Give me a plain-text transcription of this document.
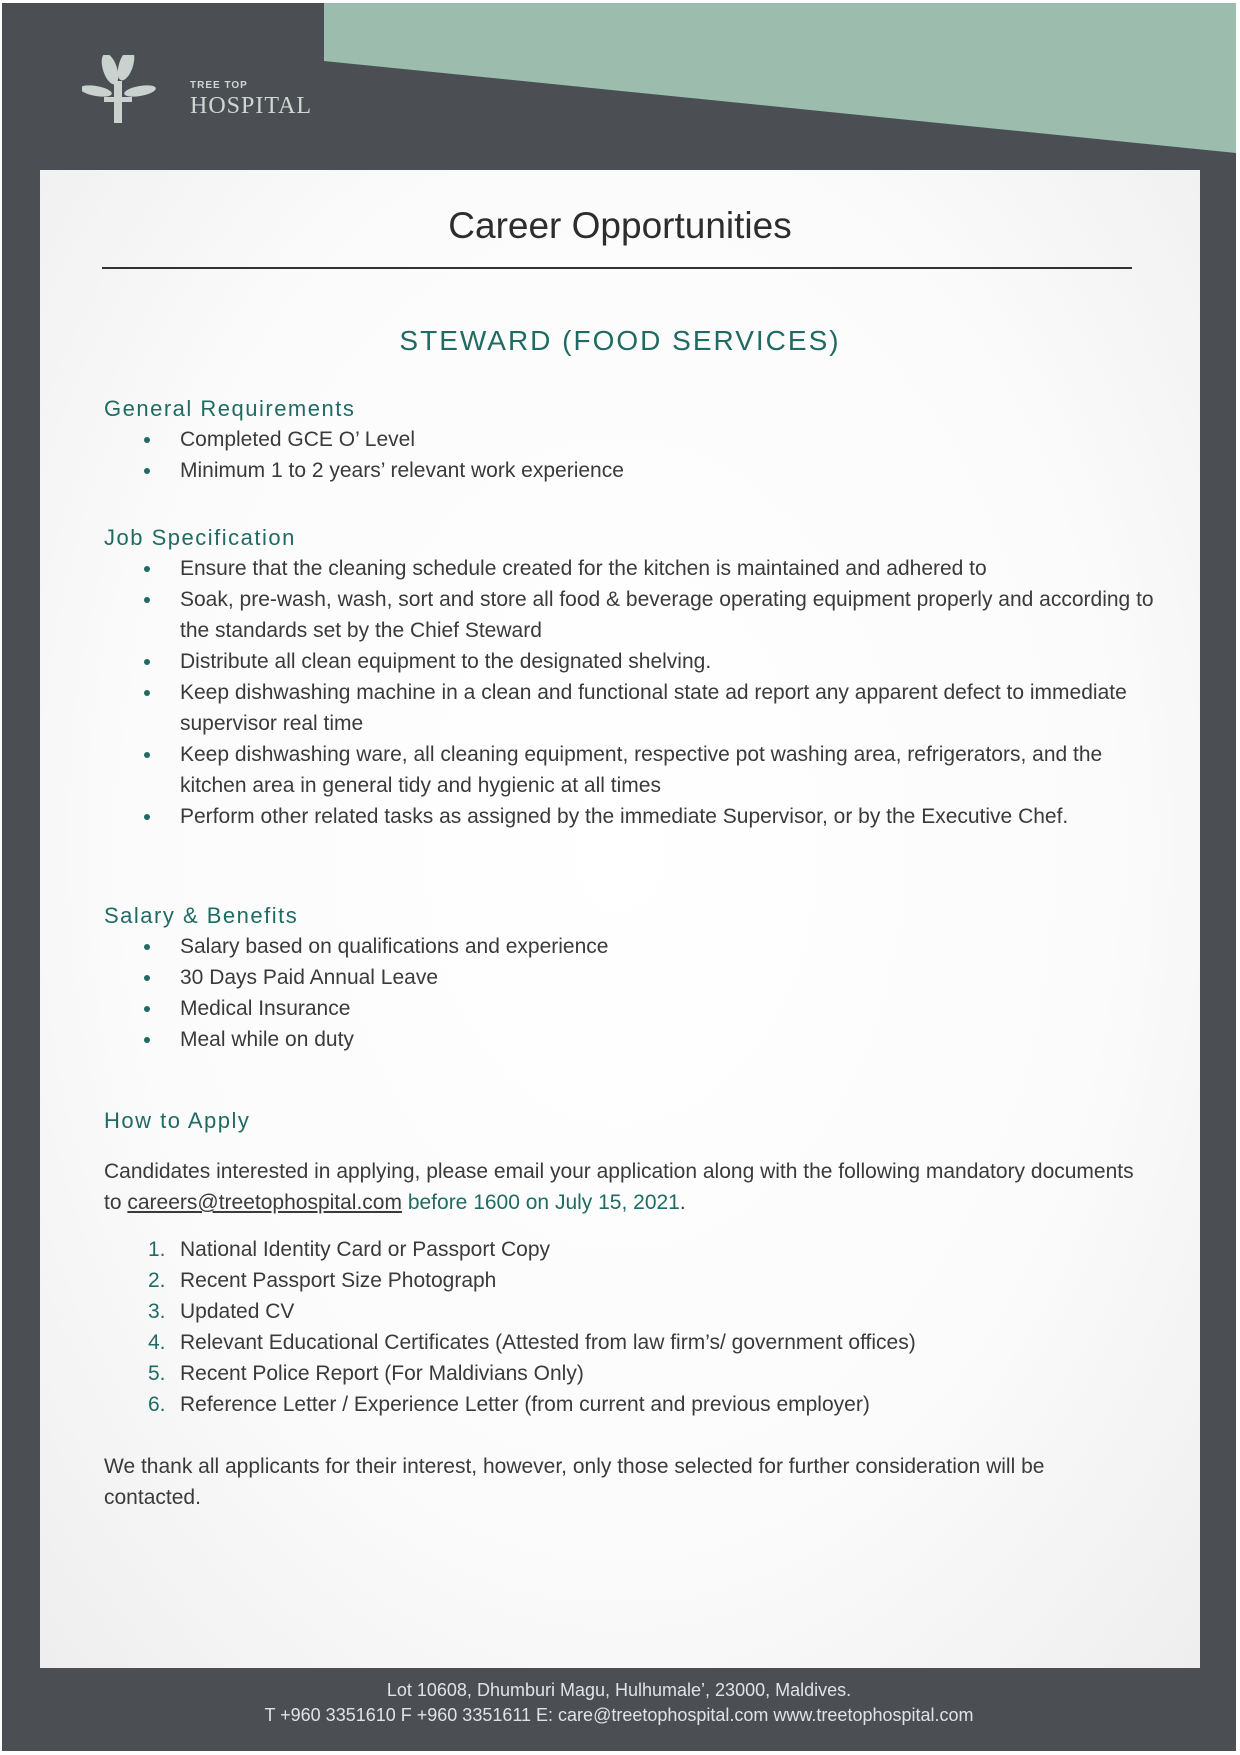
TREE TOP
HOSPITAL
Career Opportunities
STEWARD (FOOD SERVICES)
General Requirements
Completed GCE O’ Level
Minimum 1 to 2 years’ relevant work experience
Job Specification
Ensure that the cleaning schedule created for the kitchen is maintained and adhered to
Soak, pre-wash, wash, sort and store all food & beverage operating equipment properly and according to the standards set by the Chief Steward
Distribute all clean equipment to the designated shelving.
Keep dishwashing machine in a clean and functional state ad report any apparent defect to immediate supervisor real time
Keep dishwashing ware, all cleaning equipment, respective pot washing area, refrigerators, and the kitchen area in general tidy and hygienic at all times
Perform other related tasks as assigned by the immediate Supervisor, or by the Executive Chef.
Salary & Benefits
Salary based on qualifications and experience
30 Days Paid Annual Leave
Medical Insurance
Meal while on duty
How to Apply

Candidates interested in applying, please email your application along with the following mandatory documents to careers@treetophospital.com before 1600 on July 15, 2021.

1. National Identity Card or Passport Copy
2. Recent Passport Size Photograph
3. Updated CV
4. Relevant Educational Certificates (Attested from law firm’s/ government offices)
5. Recent Police Report (For Maldivians Only)
6. Reference Letter / Experience Letter (from current and previous employer)

We thank all applicants for their interest, however, only those selected for further consideration will be contacted.

Lot 10608, Dhumburi Magu, Hulhumale’, 23000, Maldives.
T +960 3351610 F +960 3351611 E: care@treetophospital.com www.treetophospital.com
